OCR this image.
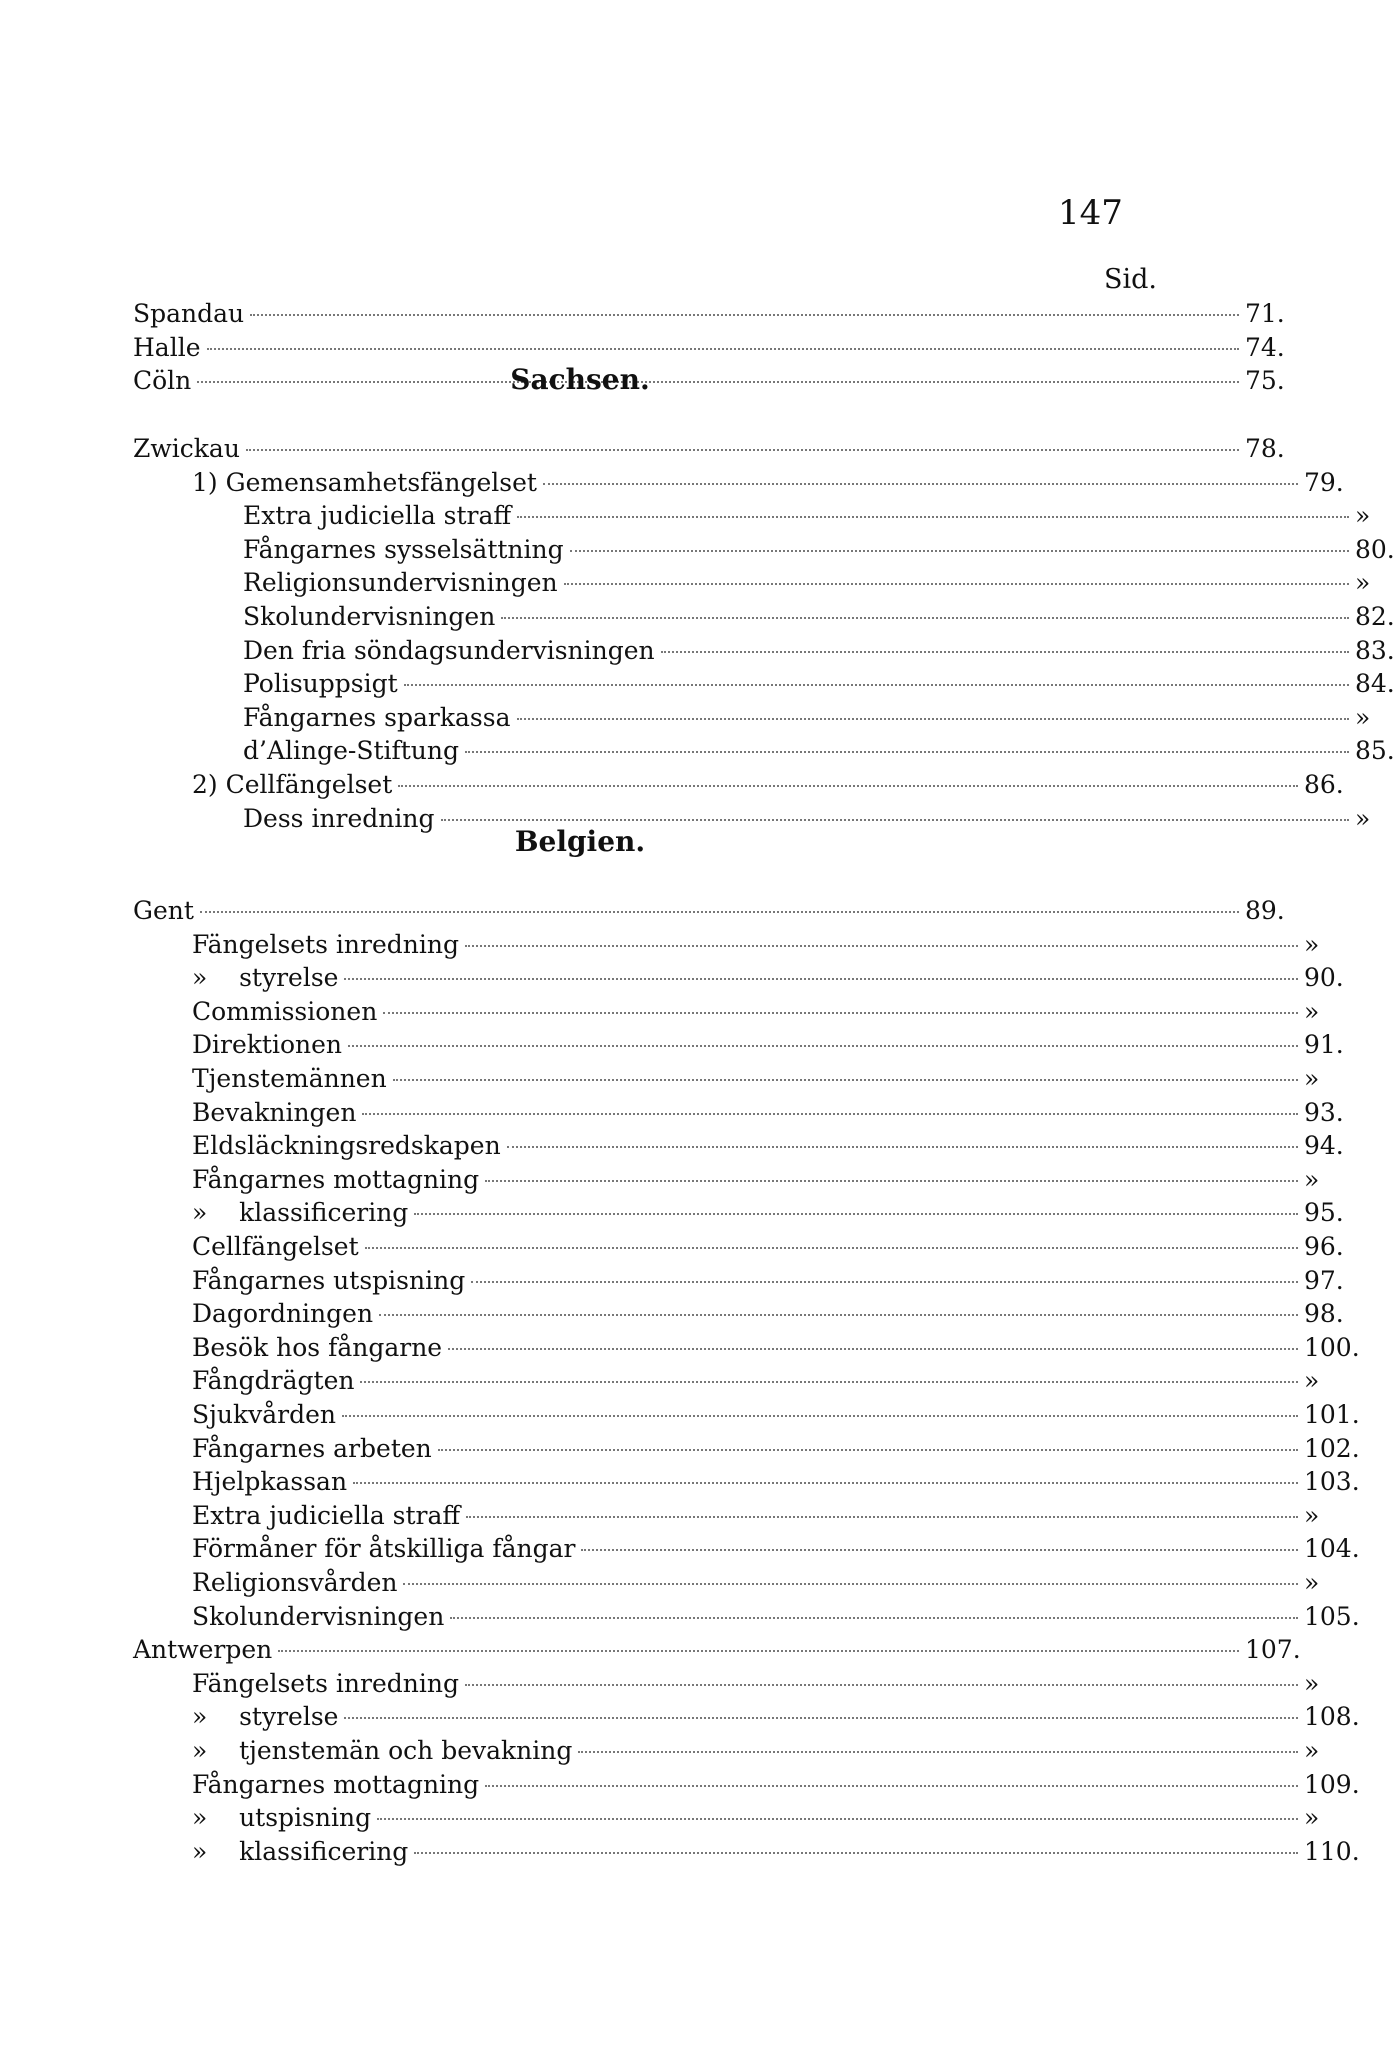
147
Sid.
Spandau	71.
Halle	74.
Cöln	75.
Sachsen.
Zwickau	78.
1) Gemensamhetsfängelset	79.
Extra judiciella straff	»
Fångarnes sysselsättning	80.
Religionsundervisningen	»
Skolundervisningen	82.
Den fria söndagsundervisningen	83.
Polisuppsigt	84.
Fångarnes sparkassa	»
d’Alinge-Stiftung	85.
2) Cellfängelset	86.
Dess inredning	»
Belgien.
Gent	89.
Fängelsets inredning	»
»    styrelse	90.
Commissionen	»
Direktionen	91.
Tjenstemännen	»
Bevakningen	93.
Eldsläckningsredskapen	94.
Fångarnes mottagning	»
»    klassificering	95.
Cellfängelset	96.
Fångarnes utspisning	97.
Dagordningen	98.
Besök hos fångarne	100.
Fångdrägten	»
Sjukvården	101.
Fångarnes arbeten	102.
Hjelpkassan	103.
Extra judiciella straff	»
Förmåner för åtskilliga fångar	104.
Religionsvården	»
Skolundervisningen	105.
Antwerpen	107.
Fängelsets inredning	»
»    styrelse	108.
»    tjenstemän och bevakning	»
Fångarnes mottagning	109.
»    utspisning	»
»    klassificering	110.
